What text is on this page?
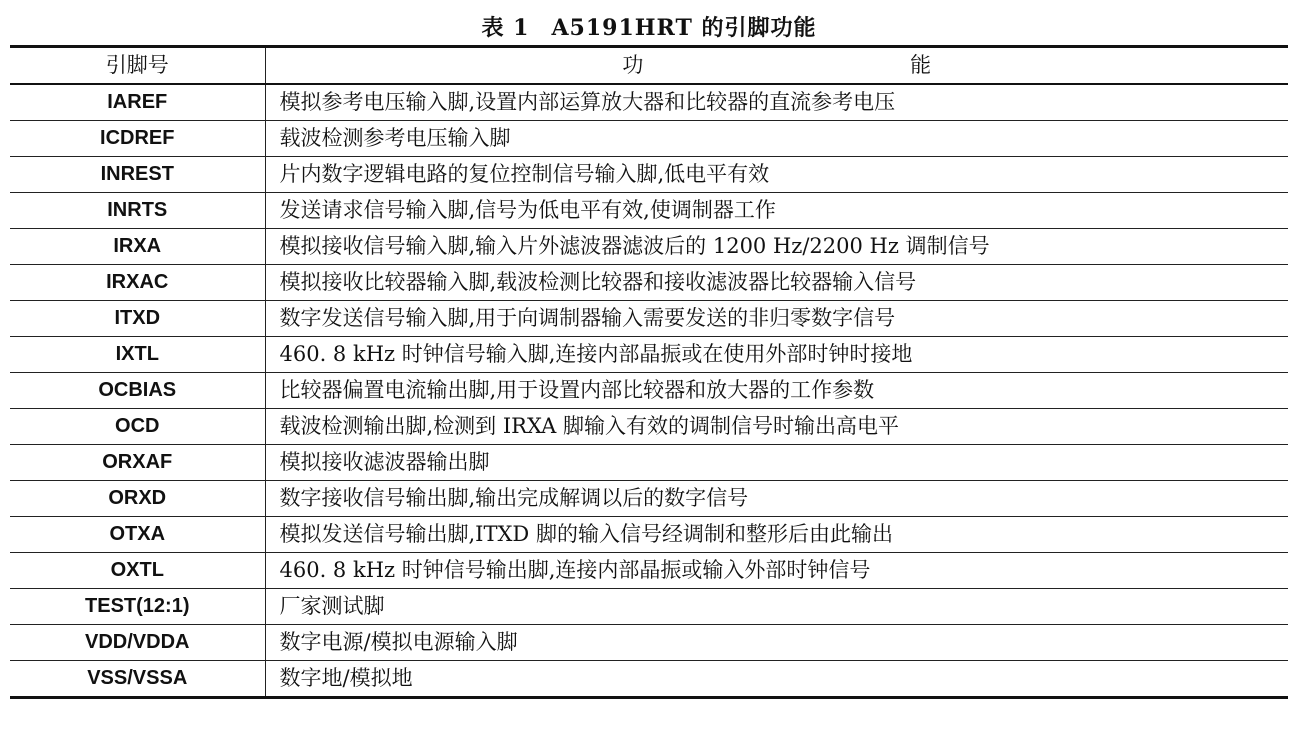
表 1 A5191HRT 的引脚功能
引脚号	功 能
IAREF	模拟参考电压输入脚,设置内部运算放大器和比较器的直流参考电压
ICDREF	载波检测参考电压输入脚
INREST	片内数字逻辑电路的复位控制信号输入脚,低电平有效
INRTS	发送请求信号输入脚,信号为低电平有效,使调制器工作
IRXA	模拟接收信号输入脚,输入片外滤波器滤波后的 1200 Hz/2200 Hz 调制信号
IRXAC	模拟接收比较器输入脚,载波检测比较器和接收滤波器比较器输入信号
ITXD	数字发送信号输入脚,用于向调制器输入需要发送的非归零数字信号
IXTL	460. 8 kHz 时钟信号输入脚,连接内部晶振或在使用外部时钟时接地
OCBIAS	比较器偏置电流输出脚,用于设置内部比较器和放大器的工作参数
OCD	载波检测输出脚,检测到 IRXA 脚输入有效的调制信号时输出高电平
ORXAF	模拟接收滤波器输出脚
ORXD	数字接收信号输出脚,输出完成解调以后的数字信号
OTXA	模拟发送信号输出脚,ITXD 脚的输入信号经调制和整形后由此输出
OXTL	460. 8 kHz 时钟信号输出脚,连接内部晶振或输入外部时钟信号
TEST(12:1)	厂家测试脚
VDD/VDDA	数字电源/模拟电源输入脚
VSS/VSSA	数字地/模拟地
